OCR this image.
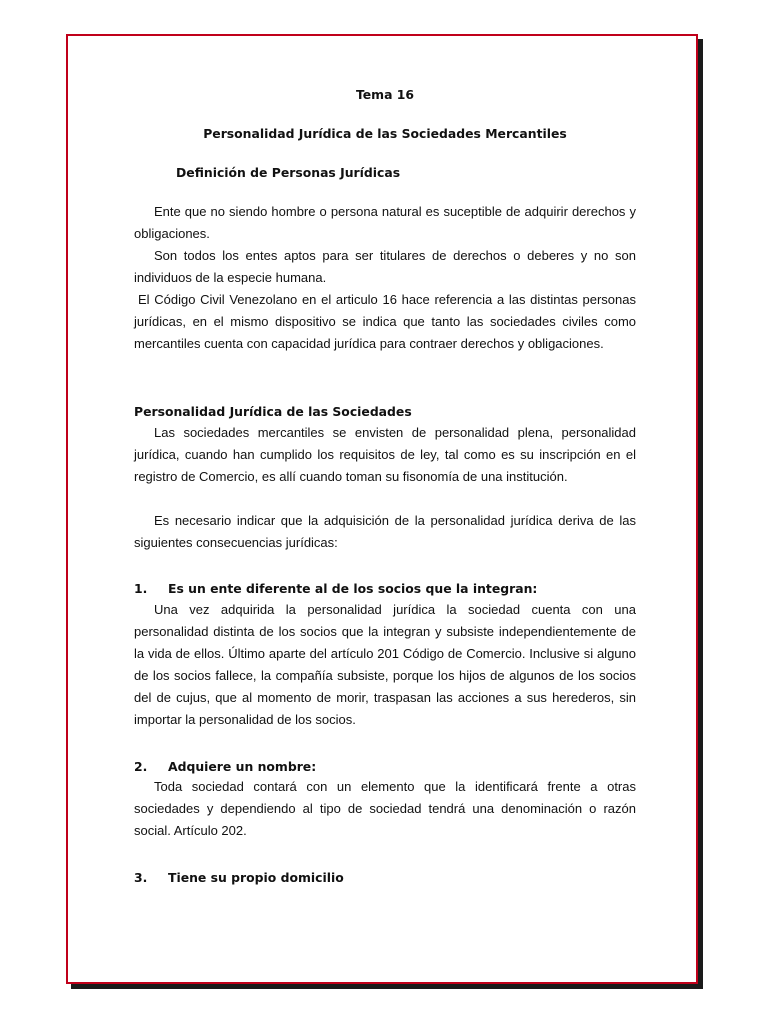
Tema 16
Personalidad Jurídica de las Sociedades Mercantiles
Definición de Personas Jurídicas

Ente que no siendo hombre o persona natural es suceptible de adquirir derechos y obligaciones.

Son todos los entes aptos para ser titulares de derechos o deberes y no son individuos de la especie humana.

El Código Civil Venezolano en el articulo 16 hace referencia a las distintas personas jurídicas, en el mismo dispositivo se indica que tanto las sociedades civiles como mercantiles cuenta con capacidad jurídica para contraer derechos y obligaciones.

Personalidad Jurídica de las Sociedades

Las sociedades mercantiles se envisten de personalidad plena, personalidad jurídica, cuando han cumplido los requisitos de ley, tal como es su inscripción en el registro de Comercio, es allí cuando toman su fisonomía de una institución.

Es necesario indicar que la adquisición de la personalidad jurídica deriva de las siguientes consecuencias jurídicas:

1. Es un ente diferente al de los socios que la integran:

Una vez adquirida la personalidad jurídica la sociedad cuenta con una personalidad distinta de los socios que la integran y subsiste independientemente de la vida de ellos. Último aparte del artículo 201 Código de Comercio. Inclusive si alguno de los socios fallece, la compañía subsiste, porque los hijos de algunos de los socios del de cujus, que al momento de morir, traspasan las acciones a sus herederos, sin importar la personalidad de los socios.

2. Adquiere un nombre:

Toda sociedad contará con un elemento que la identificará frente a otras sociedades y dependiendo al tipo de sociedad tendrá una denominación o razón social. Artículo 202.

3. Tiene su propio domicilio
